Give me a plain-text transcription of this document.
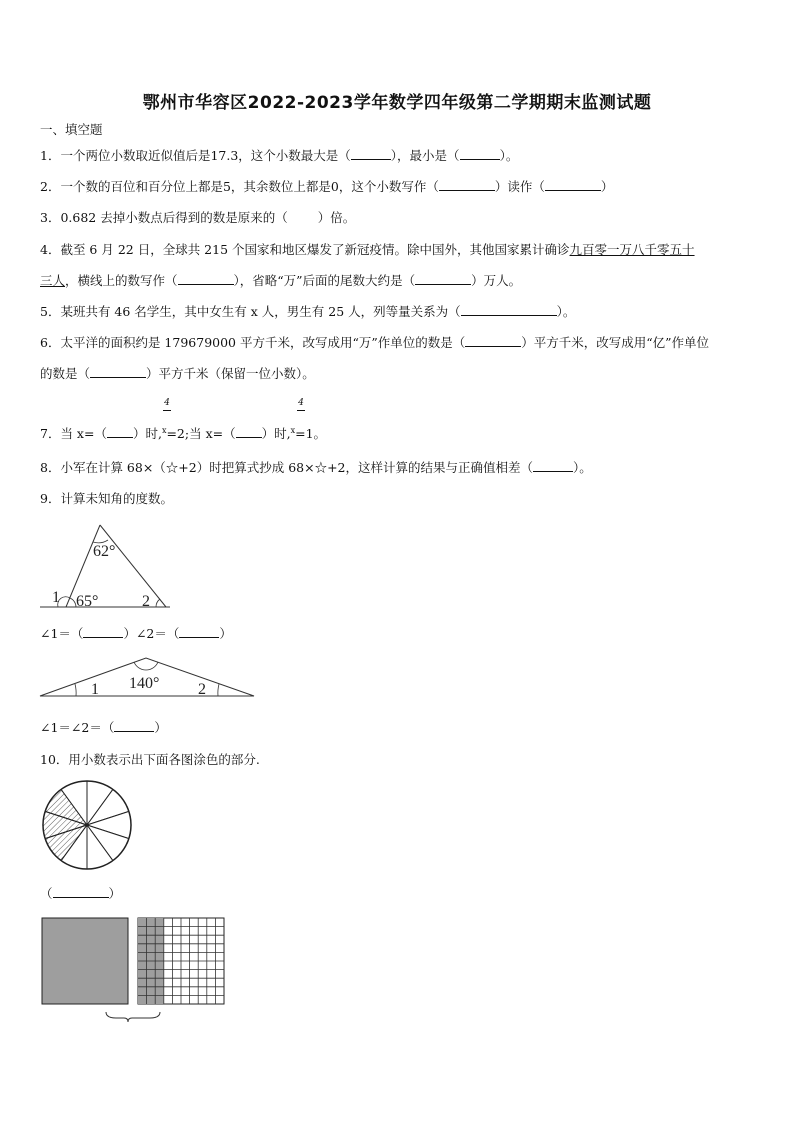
鄂州市华容区2022-2023学年数学四年级第二学期期末监测试题
一、填空题
1．一个两位小数取近似值后是17.3，这个小数最大是（	），最小是（	）。
2．一个数的百位和百分位上都是5，其余数位上都是0，这个小数写作（	）读作（	）
3．0.682 去掉小数点后得到的数是原来的（ ）倍。
4．截至 6 月 22 日，全球共 215 个国家和地区爆发了新冠疫情。除中国外，其他国家累计确诊九百零一万八千零五十
三人，横线上的数写作（	），省略“万”后面的尾数大约是（	）万人。
5．某班共有 46 名学生，其中女生有 x 人，男生有 25 人，列等量关系为（	）。
6．太平洋的面积约是 179679000 平方千米，改写成用“万”作单位的数是（	）平方千米，改写成用“亿”作单位
的数是（	）平方千米（保留一位小数）。
4	4
7．当 x=（ ）时,$^x$=2;当 x=（ ）时,$^x$=1。
8．小军在计算 68×（☆+2）时把算式抄成 68×☆+2，这样计算的结果与正确值相差（	）。
9．计算未知角的度数。
62°
65°
1	2
∠1＝（	）∠2＝（	）
140°
1	2
∠1＝∠2＝（	）
10．用小数表示出下面各图涂色的部分.
（	）
